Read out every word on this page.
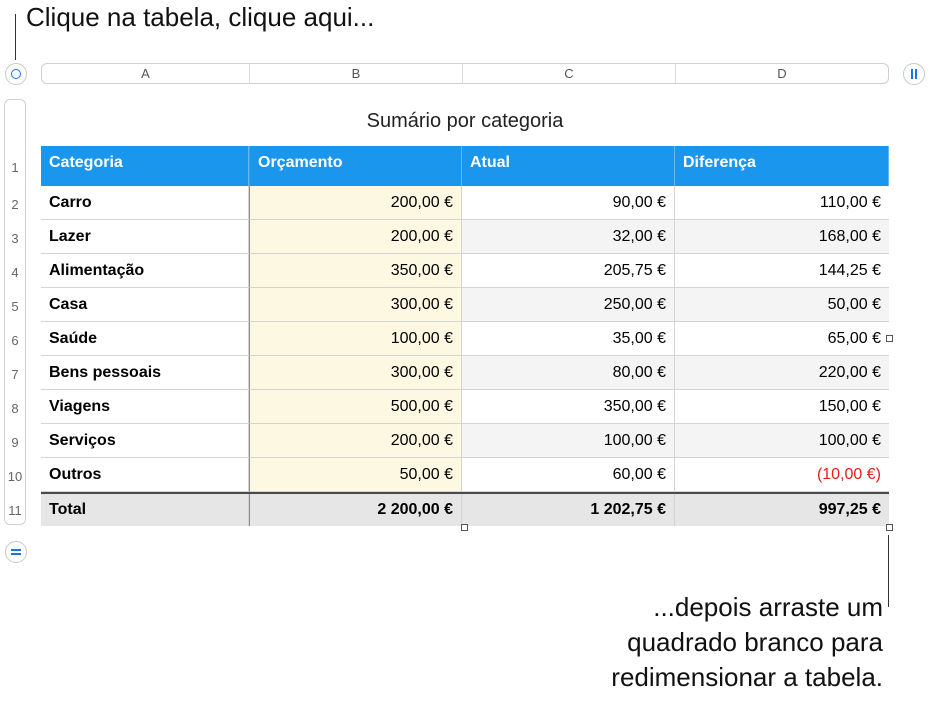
Clique na tabela, clique aqui...
A	B	C	D
1
2
3
4
5
6
7
8
9
10
11
Sumário por categoria
Categoria	Orçamento	Atual	Diferença
Carro	200,00 €	90,00 €	110,00 €
Lazer	200,00 €	32,00 €	168,00 €
Alimentação	350,00 €	205,75 €	144,25 €
Casa	300,00 €	250,00 €	50,00 €
Saúde	100,00 €	35,00 €	65,00 €
Bens pessoais	300,00 €	80,00 €	220,00 €
Viagens	500,00 €	350,00 €	150,00 €
Serviços	200,00 €	100,00 €	100,00 €
Outros	50,00 €	60,00 €	(10,00 €)
Total	2 200,00 €	1 202,75 €	997,25 €
...depois arraste um
quadrado branco para
redimensionar a tabela.
